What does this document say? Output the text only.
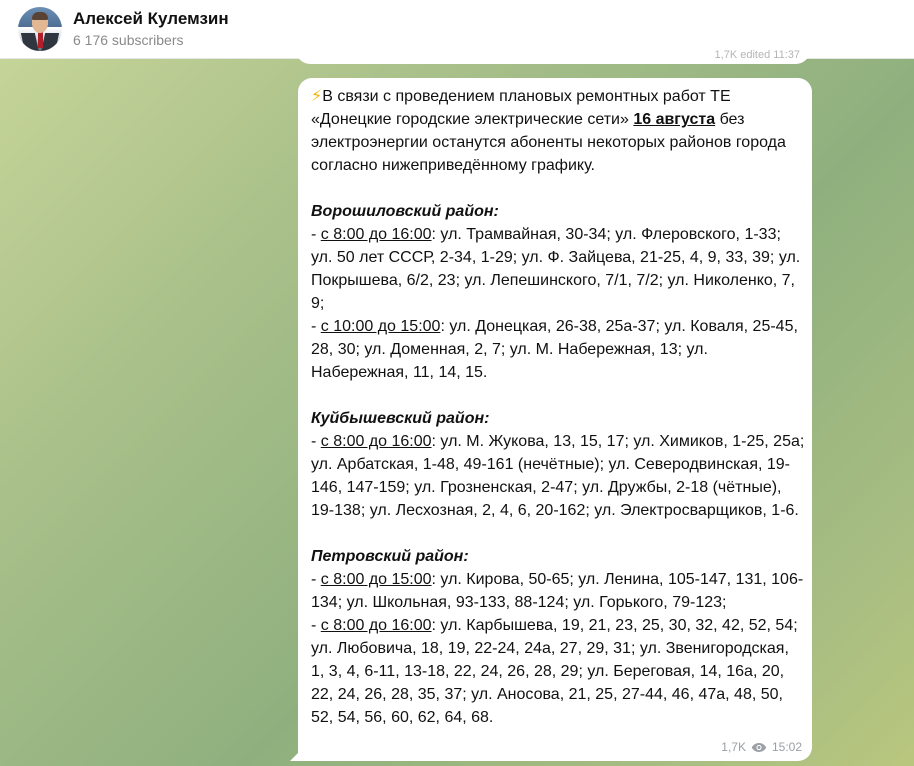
Алексей Кулемзин
6 176 subscribers
1,7K edited 11:37

⚡В связи с проведением плановых ремонтных работ ТЕ «Донецкие городские электрические сети» 16 августа без электроэнергии останутся абоненты некоторых районов города согласно нижеприведённому графику.

Ворошиловский район:

- с 8:00 до 16:00: ул. Трамвайная, 30-34; ул. Флеровского, 1-33; ул. 50 лет СССР, 2-34, 1-29; ул. Ф. Зайцева, 21-25, 4, 9, 33, 39; ул. Покрышева, 6/2, 23; ул. Лепешинского, 7/1, 7/2; ул. Николенко, 7, 9;

- с 10:00 до 15:00: ул. Донецкая, 26-38, 25а-37; ул. Коваля, 25-45, 28, 30; ул. Доменная, 2, 7; ул. М. Набережная, 13; ул. Набережная, 11, 14, 15.

Куйбышевский район:

- с 8:00 до 16:00: ул. М. Жукова, 13, 15, 17; ул. Химиков, 1-25, 25а; ул. Арбатская, 1-48, 49-161 (нечётные); ул. Северодвинская, 19-146, 147-159; ул. Грозненская, 2-47; ул. Дружбы, 2-18 (чётные), 19-138; ул. Лесхозная, 2, 4, 6, 20-162; ул. Электросварщиков, 1-6.

Петровский район:

- с 8:00 до 15:00: ул. Кирова, 50-65; ул. Ленина, 105-147, 131, 106-134; ул. Школьная, 93-133, 88-124; ул. Горького, 79-123;

- с 8:00 до 16:00: ул. Карбышева, 19, 21, 23, 25, 30, 32, 42, 52, 54; ул. Любовича, 18, 19, 22-24, 24а, 27, 29, 31; ул. Звенигородская, 1, 3, 4, 6-11, 13-18, 22, 24, 26, 28, 29; ул. Береговая, 14, 16а, 20, 22, 24, 26, 28, 35, 37; ул. Аносова, 21, 25, 27-44, 46, 47а, 48, 50, 52, 54, 56, 60, 62, 64, 68.

1,7K 15:02
